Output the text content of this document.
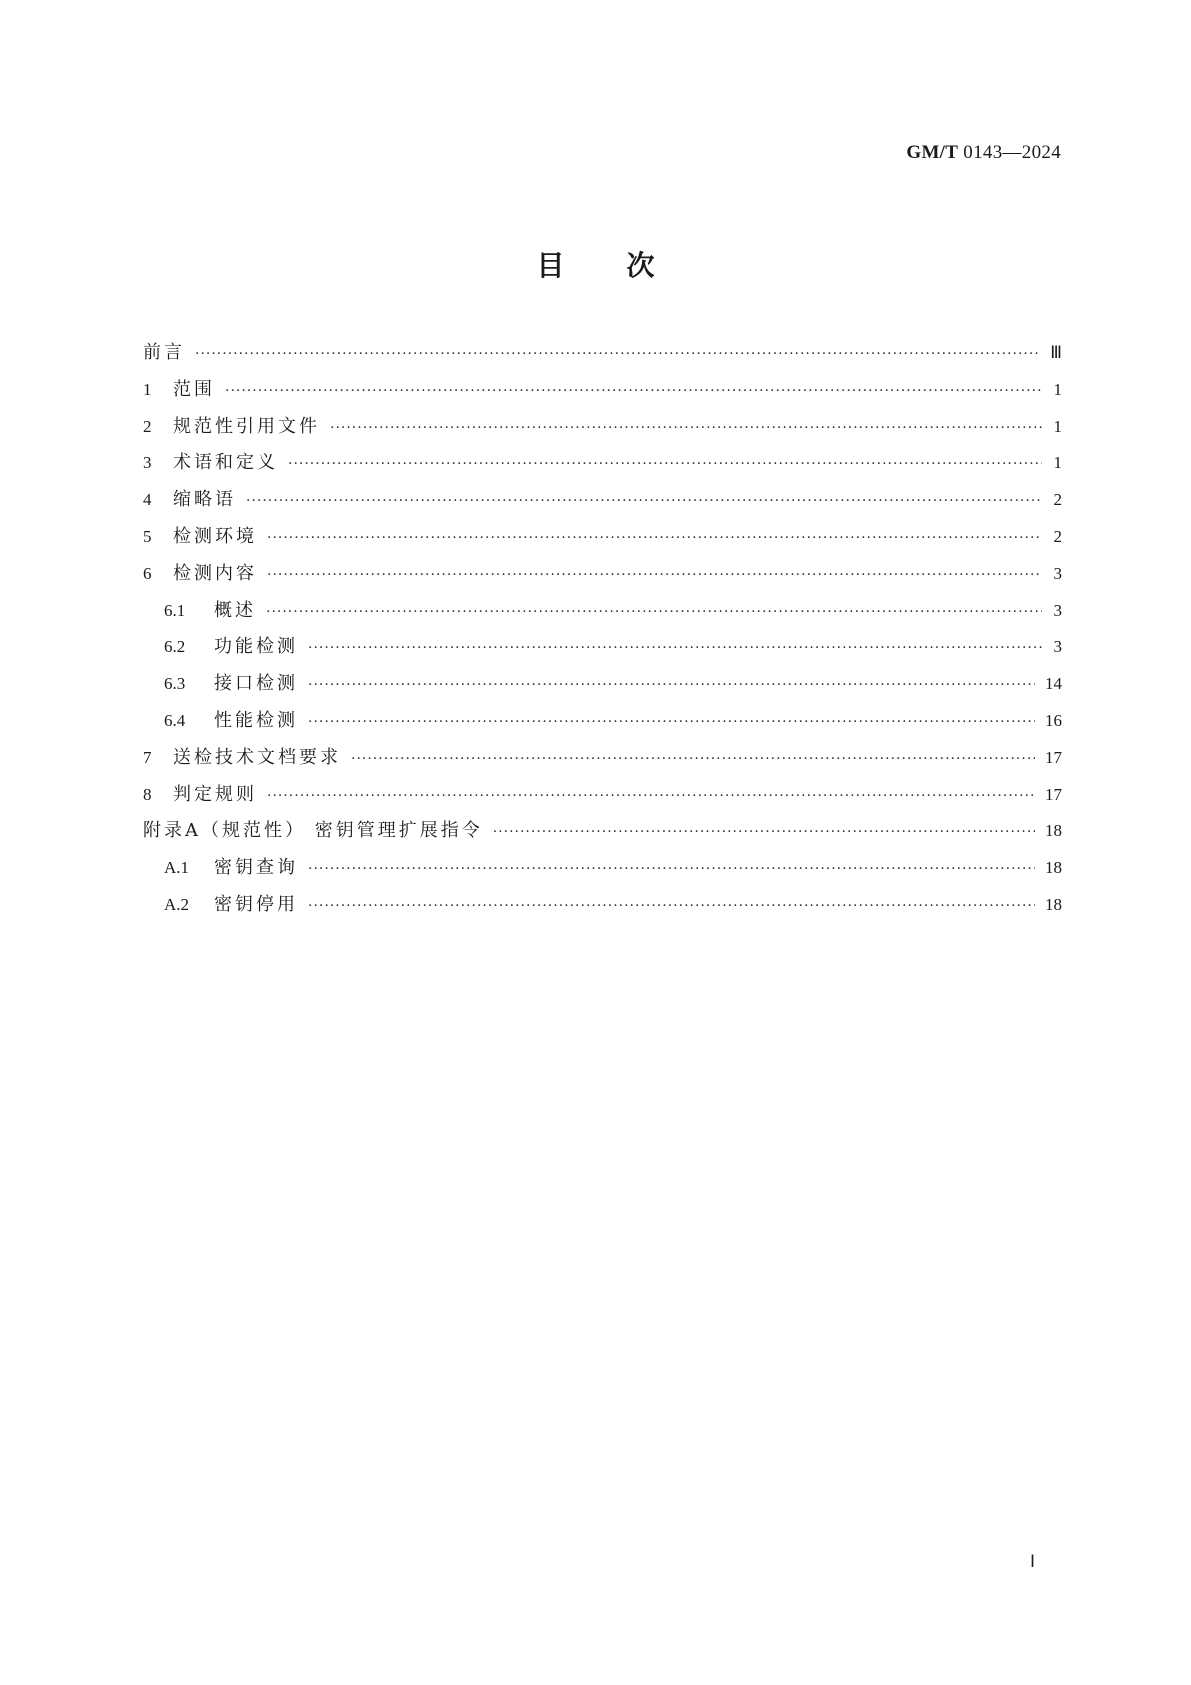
GM/T 0143—2024
目次
前言 ·····	Ⅲ
1	范围 ·····	1
2	规范性引用文件 ·····	1
3	术语和定义 ·····	1
4	缩略语 ·····	2
5	检测环境 ·····	2
6	检测内容 ·····	3
6.1	概述 ·····	3
6.2	功能检测 ·····	3
6.3	接口检测 ·····	14
6.4	性能检测 ·····	16
7	送检技术文档要求 ·····	17
8	判定规则 ·····	17
附录A（规范性） 密钥管理扩展指令 ·····	18
A.1	密钥查询 ·····	18
A.2	密钥停用 ·····	18
Ⅰ
